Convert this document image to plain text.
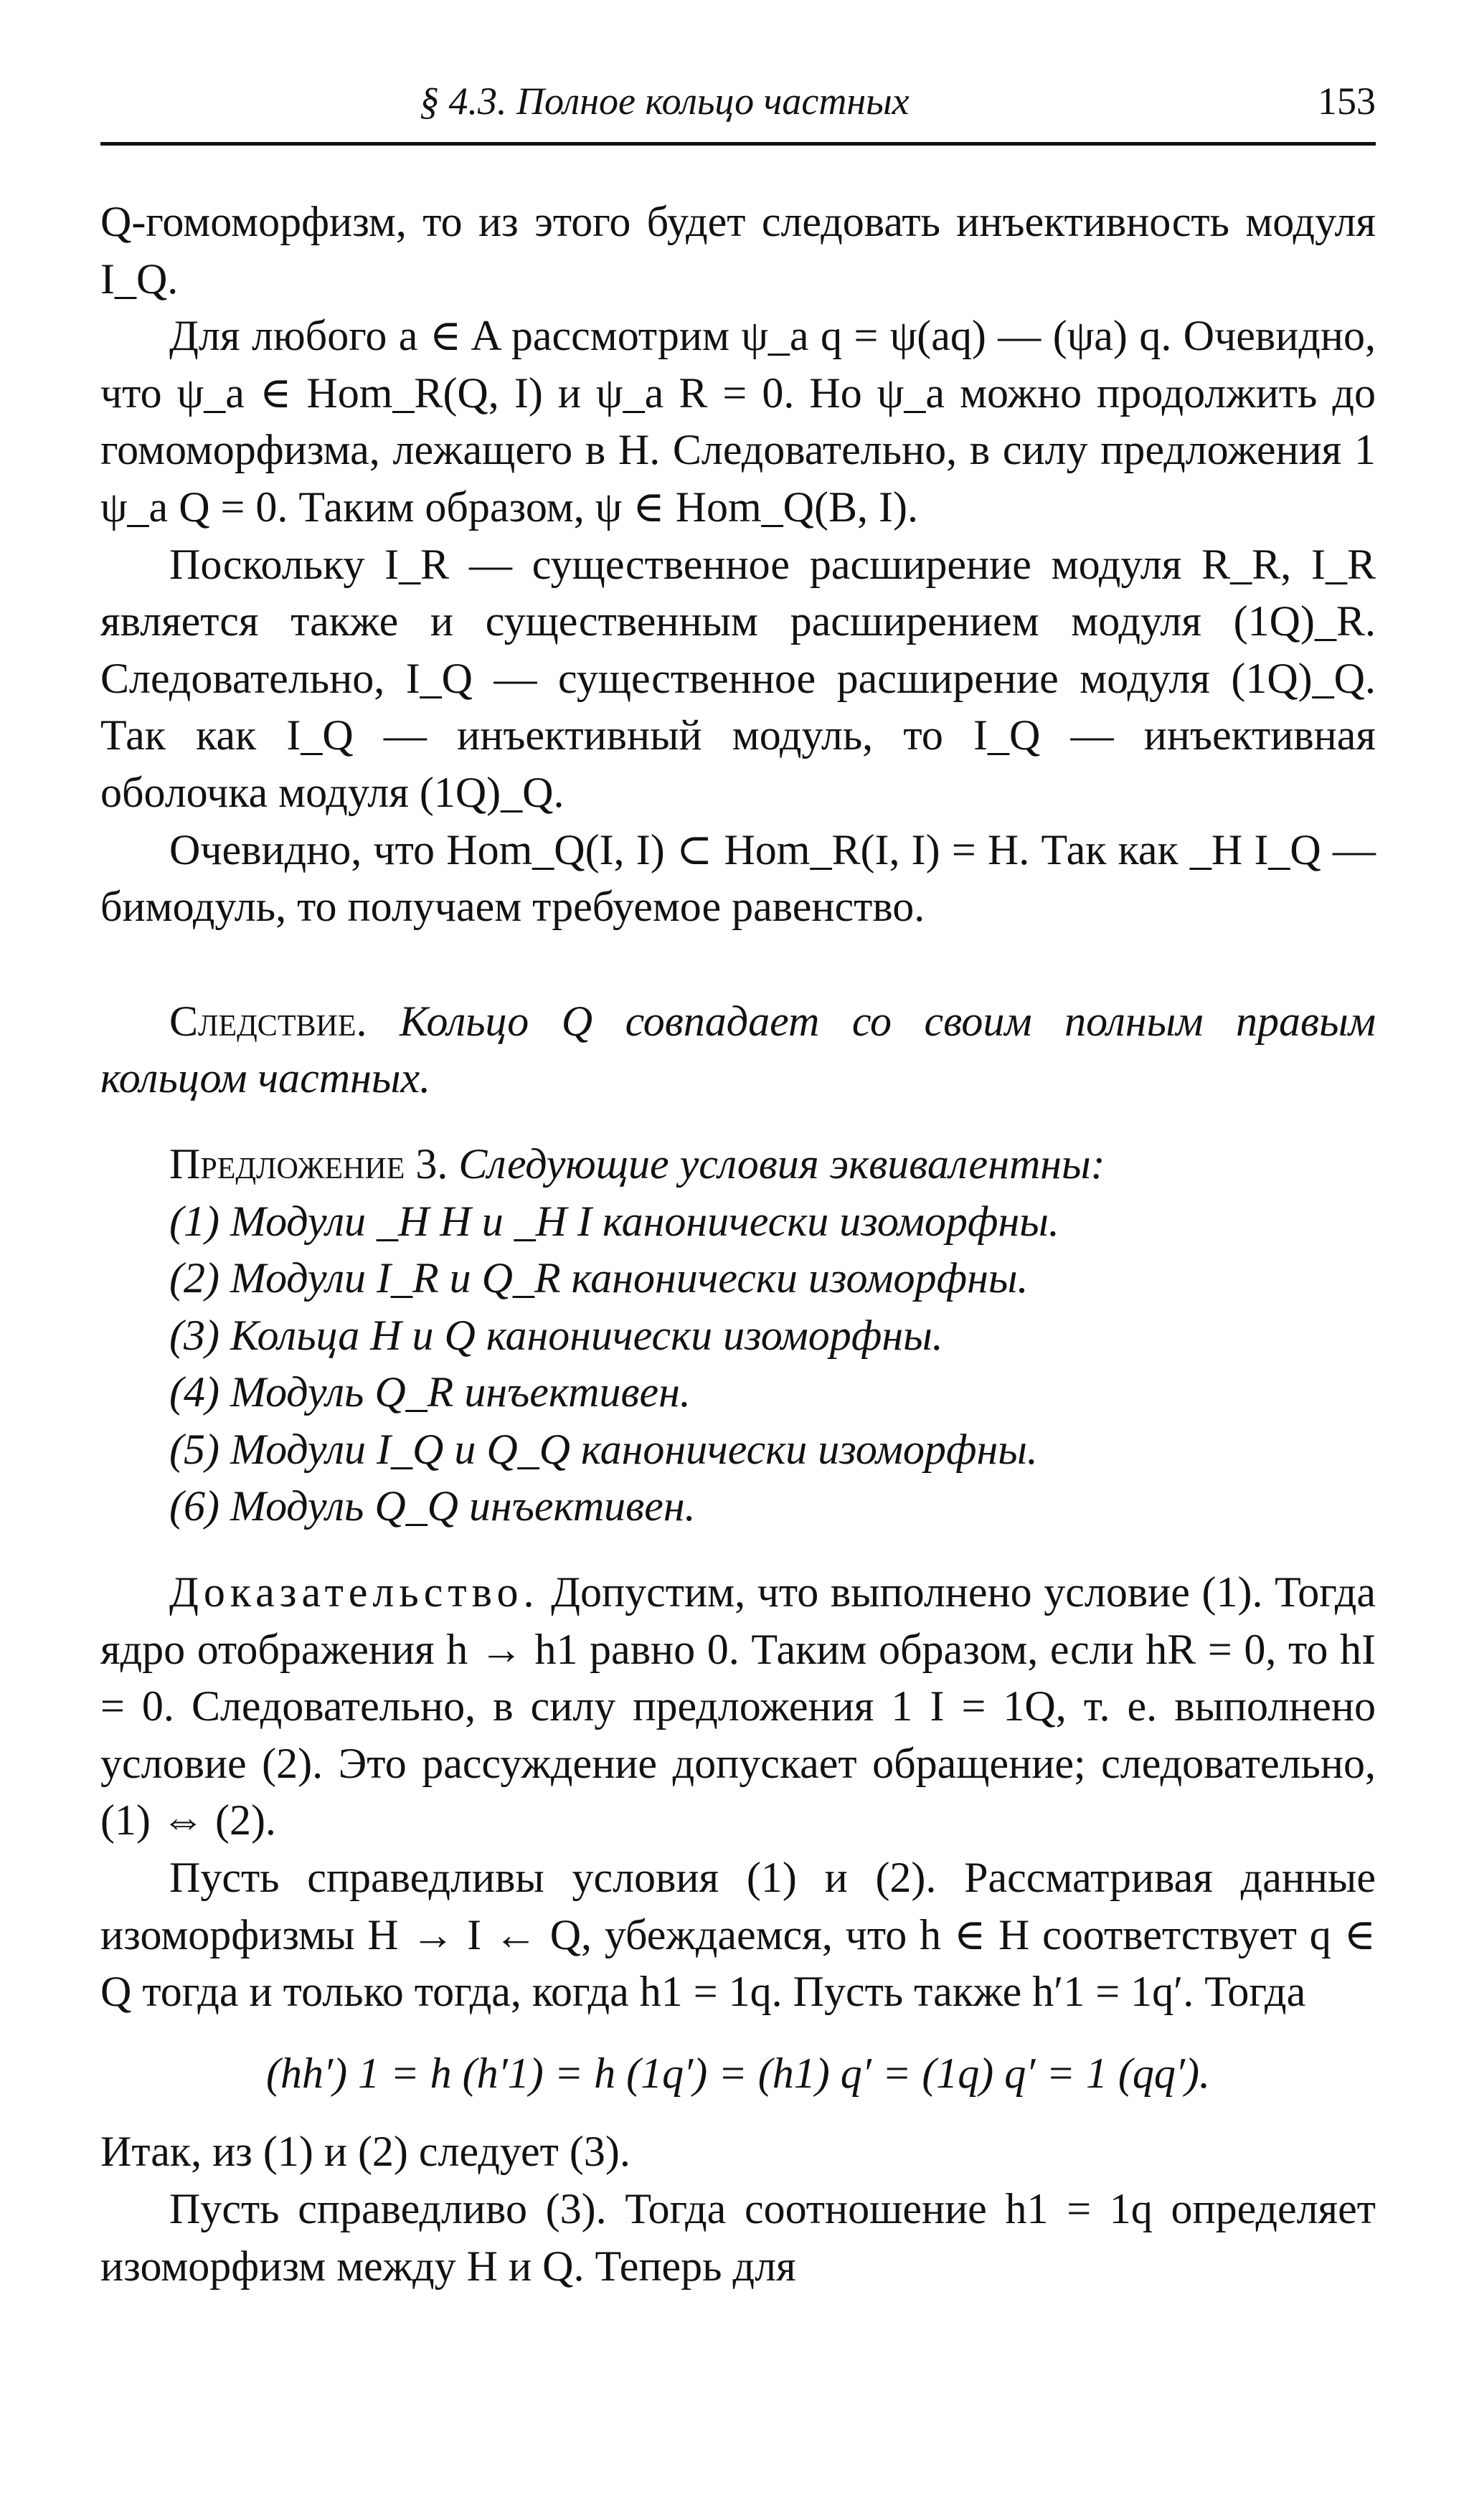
§ 4.3. Полное кольцо частных	153

Q-гомоморфизм, то из этого будет следовать инъективность модуля I_Q.

Для любого a ∈ A рассмотрим ψ_a q = ψ(aq) — (ψa) q. Очевидно, что ψ_a ∈ Hom_R(Q, I) и ψ_a R = 0. Но ψ_a можно продолжить до гомоморфизма, лежащего в H. Следовательно, в силу предложения 1 ψ_a Q = 0. Таким образом, ψ ∈ Hom_Q(B, I).

Поскольку I_R — существенное расширение модуля R_R, I_R является также и существенным расширением модуля (1Q)_R. Следовательно, I_Q — существенное расширение модуля (1Q)_Q. Так как I_Q — инъективный модуль, то I_Q — инъективная оболочка модуля (1Q)_Q.

Очевидно, что Hom_Q(I, I) ⊂ Hom_R(I, I) = H. Так как _H I_Q — бимодуль, то получаем требуемое равенство.

Следствие. Кольцо Q совпадает со своим полным правым кольцом частных.

Предложение 3. Следующие условия эквивалентны:

(1) Модули _H H и _H I канонически изоморфны.

(2) Модули I_R и Q_R канонически изоморфны.

(3) Кольца H и Q канонически изоморфны.

(4) Модуль Q_R инъективен.

(5) Модули I_Q и Q_Q канонически изоморфны.

(6) Модуль Q_Q инъективен.

Доказательство. Допустим, что выполнено условие (1). Тогда ядро отображения h → h1 равно 0. Таким образом, если hR = 0, то hI = 0. Следовательно, в силу предложения 1 I = 1Q, т. е. выполнено условие (2). Это рассуждение допускает обращение; следовательно, (1) ⇔ (2).

Пусть справедливы условия (1) и (2). Рассматривая данные изоморфизмы H → I ← Q, убеждаемся, что h ∈ H соответствует q ∈ Q тогда и только тогда, когда h1 = 1q. Пусть также h′1 = 1q′. Тогда

(hh′) 1 = h (h′1) = h (1q′) = (h1) q′ = (1q) q′ = 1 (qq′).

Итак, из (1) и (2) следует (3).

Пусть справедливо (3). Тогда соотношение h1 = 1q определяет изоморфизм между H и Q. Теперь для
